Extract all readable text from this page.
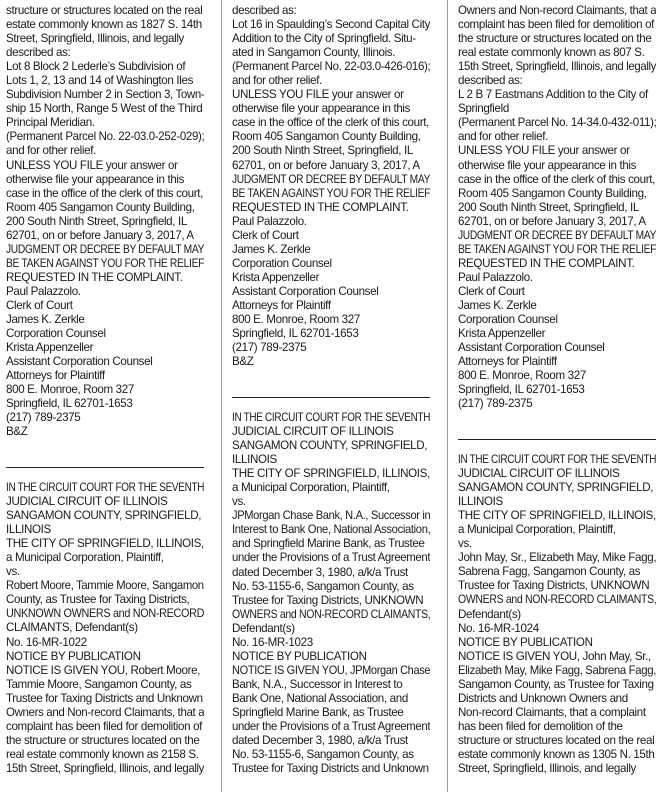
structure or structures located on the real
estate commonly known as 1827 S. 14th
Street, Springfield, Illinois, and legally
described as:
Lot 8 Block 2 Lederle’s Subdivision of
Lots 1, 2, 13 and 14 of Washington Iles
Subdivision Number 2 in Section 3, Town-
ship 15 North, Range 5 West of the Third
Principal Meridian.
(Permanent Parcel No. 22-03.0-252-029);
and for other relief.
UNLESS YOU FILE your answer or
otherwise file your appearance in this
case in the office of the clerk of this court,
Room 405 Sangamon County Building,
200 South Ninth Street, Springfield, IL
62701, on or before January 3, 2017, A
JUDGMENT OR DECREE BY DEFAULT MAY
BE TAKEN AGAINST YOU FOR THE RELIEF
REQUESTED IN THE COMPLAINT.
Paul Palazzolo.
Clerk of Court
James K. Zerkle
Corporation Counsel
Krista Appenzeller
Assistant Corporation Counsel
Attorneys for Plaintiff
800 E. Monroe, Room 327
Springfield, IL 62701-1653
(217) 789-2375
B&Z
IN THE CIRCUIT COURT FOR THE SEVENTH
JUDICIAL CIRCUIT OF ILLINOIS
SANGAMON COUNTY, SPRINGFIELD,
ILLINOIS
THE CITY OF SPRINGFIELD, ILLINOIS,
a Municipal Corporation, Plaintiff,
vs.
Robert Moore, Tammie Moore, Sangamon
County, as Trustee for Taxing Districts,
UNKNOWN OWNERS and NON-RECORD
CLAIMANTS, Defendant(s)
No. 16-MR-1022
NOTICE BY PUBLICATION
NOTICE IS GIVEN YOU, Robert Moore,
Tammie Moore, Sangamon County, as
Trustee for Taxing Districts and Unknown
Owners and Non-record Claimants, that a
complaint has been filed for demolition of
the structure or structures located on the
real estate commonly known as 2158 S.
15th Street, Springfield, Illinois, and legally
described as:
Lot 16 in Spaulding’s Second Capital City
Addition to the City of Springfield. Situ-
ated in Sangamon County, Illinois.
(Permanent Parcel No. 22-03.0-426-016);
and for other relief.
UNLESS YOU FILE your answer or
otherwise file your appearance in this
case in the office of the clerk of this court,
Room 405 Sangamon County Building,
200 South Ninth Street, Springfield, IL
62701, on or before January 3, 2017, A
JUDGMENT OR DECREE BY DEFAULT MAY
BE TAKEN AGAINST YOU FOR THE RELIEF
REQUESTED IN THE COMPLAINT.
Paul Palazzolo.
Clerk of Court
James K. Zerkle
Corporation Counsel
Krista Appenzeller
Assistant Corporation Counsel
Attorneys for Plaintiff
800 E. Monroe, Room 327
Springfield, IL 62701-1653
(217) 789-2375
B&Z
IN THE CIRCUIT COURT FOR THE SEVENTH
JUDICIAL CIRCUIT OF ILLINOIS
SANGAMON COUNTY, SPRINGFIELD,
ILLINOIS
THE CITY OF SPRINGFIELD, ILLINOIS,
a Municipal Corporation, Plaintiff,
vs.
JPMorgan Chase Bank, N.A., Successor in
Interest to Bank One, National Association,
and Springfield Marine Bank, as Trustee
under the Provisions of a Trust Agreement
dated December 3, 1980, a/k/a Trust
No. 53-1155-6, Sangamon County, as
Trustee for Taxing Districts, UNKNOWN
OWNERS and NON-RECORD CLAIMANTS,
Defendant(s)
No. 16-MR-1023
NOTICE BY PUBLICATION
NOTICE IS GIVEN YOU, JPMorgan Chase
Bank, N.A., Successor in Interest to
Bank One, National Association, and
Springfield Marine Bank, as Trustee
under the Provisions of a Trust Agreement
dated December 3, 1980, a/k/a Trust
No. 53-1155-6, Sangamon County, as
Trustee for Taxing Districts and Unknown
Owners and Non-record Claimants, that a
complaint has been filed for demolition of
the structure or structures located on the
real estate commonly known as 807 S.
15th Street, Springfield, Illinois, and legally
described as:
L 2 B 7 Eastmans Addition to the City of
Springfield
(Permanent Parcel No. 14-34.0-432-011);
and for other relief.
UNLESS YOU FILE your answer or
otherwise file your appearance in this
case in the office of the clerk of this court,
Room 405 Sangamon County Building,
200 South Ninth Street, Springfield, IL
62701, on or before January 3, 2017, A
JUDGMENT OR DECREE BY DEFAULT MAY
BE TAKEN AGAINST YOU FOR THE RELIEF
REQUESTED IN THE COMPLAINT.
Paul Palazzolo.
Clerk of Court
James K. Zerkle
Corporation Counsel
Krista Appenzeller
Assistant Corporation Counsel
Attorneys for Plaintiff
800 E. Monroe, Room 327
Springfield, IL 62701-1653
(217) 789-2375
IN THE CIRCUIT COURT FOR THE SEVENTH
JUDICIAL CIRCUIT OF ILLINOIS
SANGAMON COUNTY, SPRINGFIELD,
ILLINOIS
THE CITY OF SPRINGFIELD, ILLINOIS,
a Municipal Corporation, Plaintiff,
vs.
John May, Sr., Elizabeth May, Mike Fagg,
Sabrena Fagg, Sangamon County, as
Trustee for Taxing Districts, UNKNOWN
OWNERS and NON-RECORD CLAIMANTS,
Defendant(s)
No. 16-MR-1024
NOTICE BY PUBLICATION
NOTICE IS GIVEN YOU, John May, Sr.,
Elizabeth May, Mike Fagg, Sabrena Fagg,
Sangamon County, as Trustee for Taxing
Districts and Unknown Owners and
Non-record Claimants, that a complaint
has been filed for demolition of the
structure or structures located on the real
estate commonly known as 1305 N. 15th
Street, Springfield, Illinois, and legally
